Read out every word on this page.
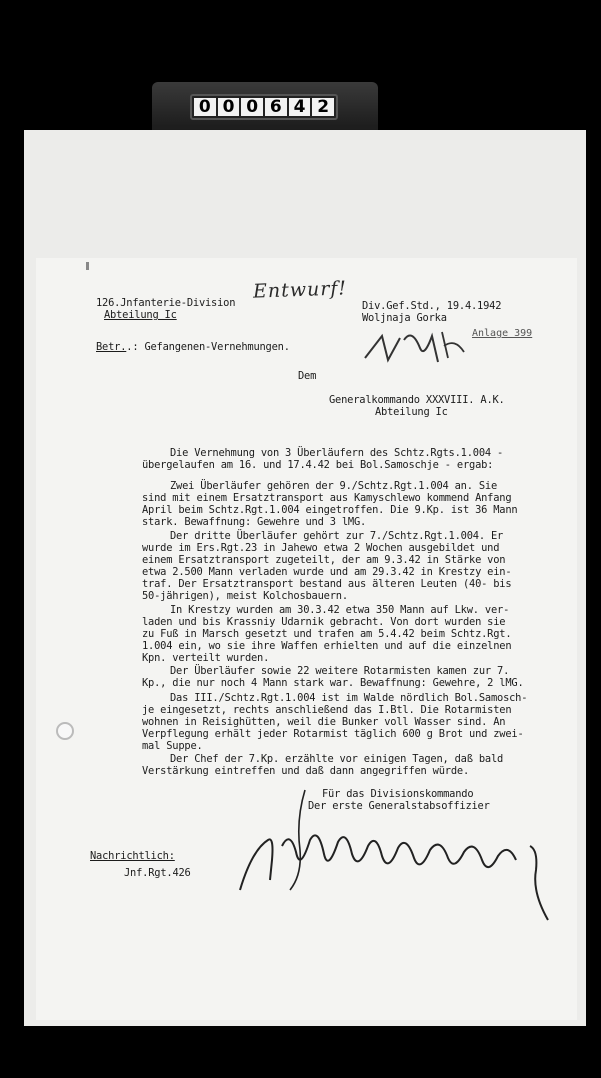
0 0 0 6 4 2
126.Jnfanterie-Division
Abteilung Ic
Entwurf!
Div.Gef.Std., 19.4.1942
Woljnaja Gorka
Anlage 399
Betr..: Gefangenen-Vernehmungen.
Dem
Generalkommando XXXVIII. A.K.
Abteilung Ic
Die Vernehmung von 3 Überläufern des Schtz.Rgts.1.004 -
übergelaufen am 16. und 17.4.42 bei Bol.Samoschje - ergab:
Zwei Überläufer gehören der 9./Schtz.Rgt.1.004 an. Sie
sind mit einem Ersatztransport aus Kamyschlewo kommend Anfang
April beim Schtz.Rgt.1.004 eingetroffen. Die 9.Kp. ist 36 Mann
stark. Bewaffnung: Gewehre und 3 lMG.
Der dritte Überläufer gehört zur 7./Schtz.Rgt.1.004. Er
wurde im Ers.Rgt.23 in Jahewo etwa 2 Wochen ausgebildet und
einem Ersatztransport zugeteilt, der am 9.3.42 in Stärke von
etwa 2.500 Mann verladen wurde und am 29.3.42 in Krestzy ein-
traf. Der Ersatztransport bestand aus älteren Leuten (40- bis
50-jährigen), meist Kolchosbauern.
In Krestzy wurden am 30.3.42 etwa 350 Mann auf Lkw. ver-
laden und bis Krassniy Udarnik gebracht. Von dort wurden sie
zu Fuß in Marsch gesetzt und trafen am 5.4.42 beim Schtz.Rgt.
1.004 ein, wo sie ihre Waffen erhielten und auf die einzelnen
Kpn. verteilt wurden.
Der Überläufer sowie 22 weitere Rotarmisten kamen zur 7.
Kp., die nur noch 4 Mann stark war. Bewaffnung: Gewehre, 2 lMG.
Das III./Schtz.Rgt.1.004 ist im Walde nördlich Bol.Samosch-
je eingesetzt, rechts anschließend das I.Btl. Die Rotarmisten
wohnen in Reisighütten, weil die Bunker voll Wasser sind. An
Verpflegung erhält jeder Rotarmist täglich 600 g Brot und zwei-
mal Suppe.
Der Chef der 7.Kp. erzählte vor einigen Tagen, daß bald
Verstärkung eintreffen und daß dann angegriffen würde.
Für das Divisionskommando
Der erste Generalstabsoffizier
Nachrichtlich:
Jnf.Rgt.426
